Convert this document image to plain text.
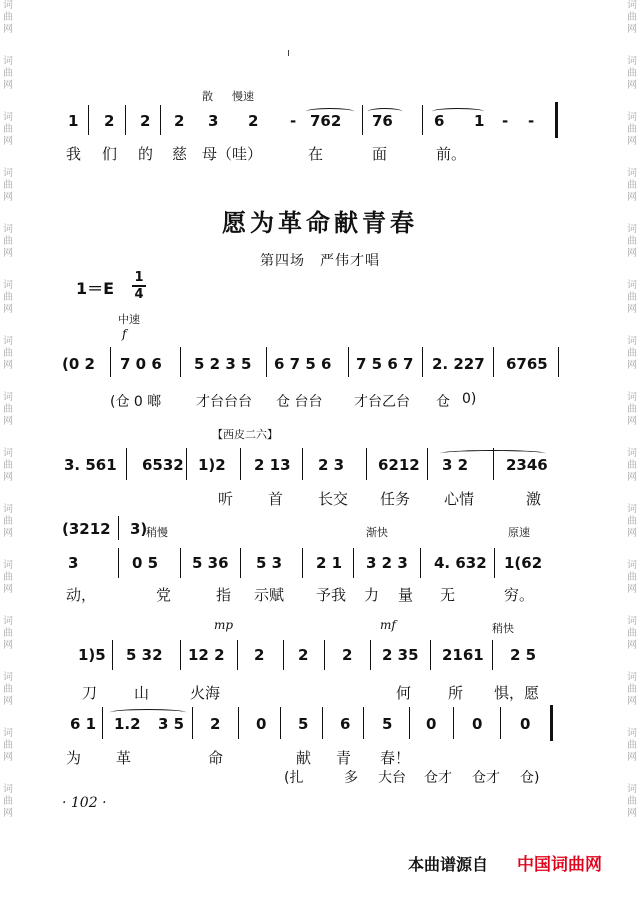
词
曲
网
词
曲
网
词
曲
网
词
曲
网
词
曲
网
词
曲
网
词
曲
网
词
曲
网
词
曲
网
词
曲
网
词
曲
网
词
曲
网
词
曲
网
词
曲
网
词
曲
网
词
曲
网
词
曲
网
词
曲
网
词
曲
网
词
曲
网
词
曲
网
词
曲
网
词
曲
网
词
曲
网
词
曲
网
词
曲
网
词
曲
网
词
曲
网
词
曲
网
词
曲
网
散 慢速
1 2 2 2 3 2 - 762 76	6 1 - -
我 们 的 慈 母（哇）	在	面	前。
愿为革命献青春
第四场　严伟才唱
1＝E
1
4
中速
f
(0 2 7 0 6 5 2 3 5 6 7 5 6 7 5 6 7 2. 227 6765
(仓 0 啷 才台台台 仓 台台 才台乙台 仓 0)
【西皮二六】
3. 561 6532 1)2 2 13 2 3 6212 3 2	2346
听 首 长交 任务 心情	激
稍慢	渐快	原速
(3212 3)
3	0 5 5 36 5 3 2 1 3 2 3 4. 632 1(62
动，	党	指 示赋 予我 力 量 无	穷。
mp	mf	稍快
1)5 5 32 12 2 2 2 2 2 35 2161 2 5
刀 山	火海	何 所 惧，愿
6 1 1.2 3 5 2 0 5 6 5 0 0	0
为 革	命	献 青 春！
(扎	多 大台 仓才 仓才 仓)
· 102 ·
本曲谱源自 中国词曲网
